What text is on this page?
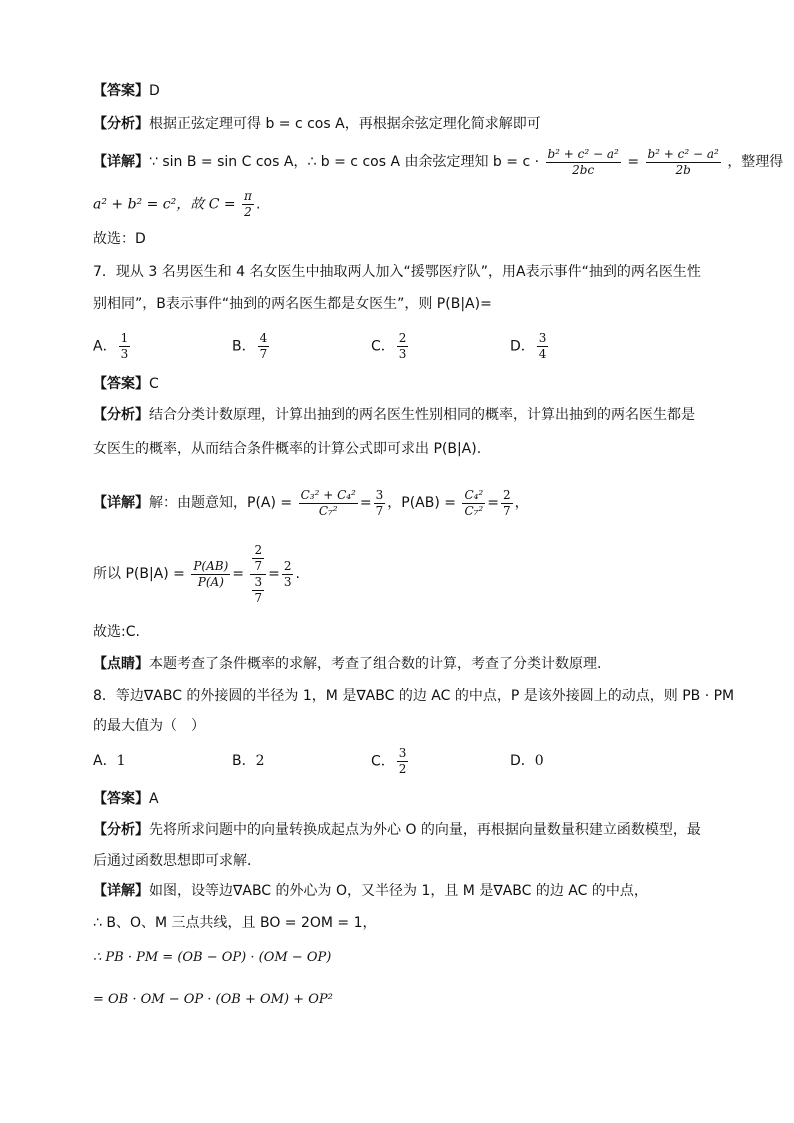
【答案】D
【分析】根据正弦定理可得 b = c cos A，再根据余弦定理化简求解即可
【详解】∵ sin B = sin C cos A，∴ b = c cos A 由余弦定理知 $b = c \cdot \frac{\text{b² + c² − a²}}{2bc} = \frac{\text{b² + c² − a²}}{2b}$ ，整理得
a² + b² = c²，故 $C = \frac{\pi}{2}$ .
故选：D
7．现从 3 名男医生和 4 名女医生中抽取两人加入“援鄂医疗队”，用A表示事件“抽到的两名医生性
别相同”，B表示事件“抽到的两名医生都是女医生”，则 P(B|A)=
A． $\frac{1}{3}$	B． $\frac{4}{7}$	C． $\frac{2}{3}$	D． $\frac{3}{4}$
【答案】C
【分析】结合分类计数原理，计算出抽到的两名医生性别相同的概率，计算出抽到的两名医生都是
女医生的概率，从而结合条件概率的计算公式即可求出 P(B|A).
【详解】解：由题意知，$P(A) = \frac{\text{C₃² + C₄²}}{\text{C₇²}} = \frac{3}{7}$ ，$P(AB) = \frac{\text{C₄²}}{\text{C₇²}} = \frac{2}{7}$ ，
所以 $P(B|A) = \frac{P(AB)}{P(A)} = \frac{\frac{2}{7}}{\frac{3}{7}} = \frac{2}{3}$ .
故选:C.
【点睛】本题考查了条件概率的求解，考查了组合数的计算，考查了分类计数原理.
8．等边∇ABC 的外接圆的半径为 1，M 是∇ABC 的边 AC 的中点，P 是该外接圆上的动点，则 PB · PM
的最大值为（　）
A．1	B．2	C． $\frac{3}{2}$	D．0
【答案】A
【分析】先将所求问题中的向量转换成起点为外心 O 的向量，再根据向量数量积建立函数模型，最
后通过函数思想即可求解．
【详解】如图，设等边∇ABC 的外心为 O，又半径为 1，且 M 是∇ABC 的边 AC 的中点，
∴ B、O、M 三点共线，且 BO = 2OM = 1，
∴ PB · PM = (OB − OP) · (OM − OP)
= OB · OM − OP · (OB + OM) + OP²
